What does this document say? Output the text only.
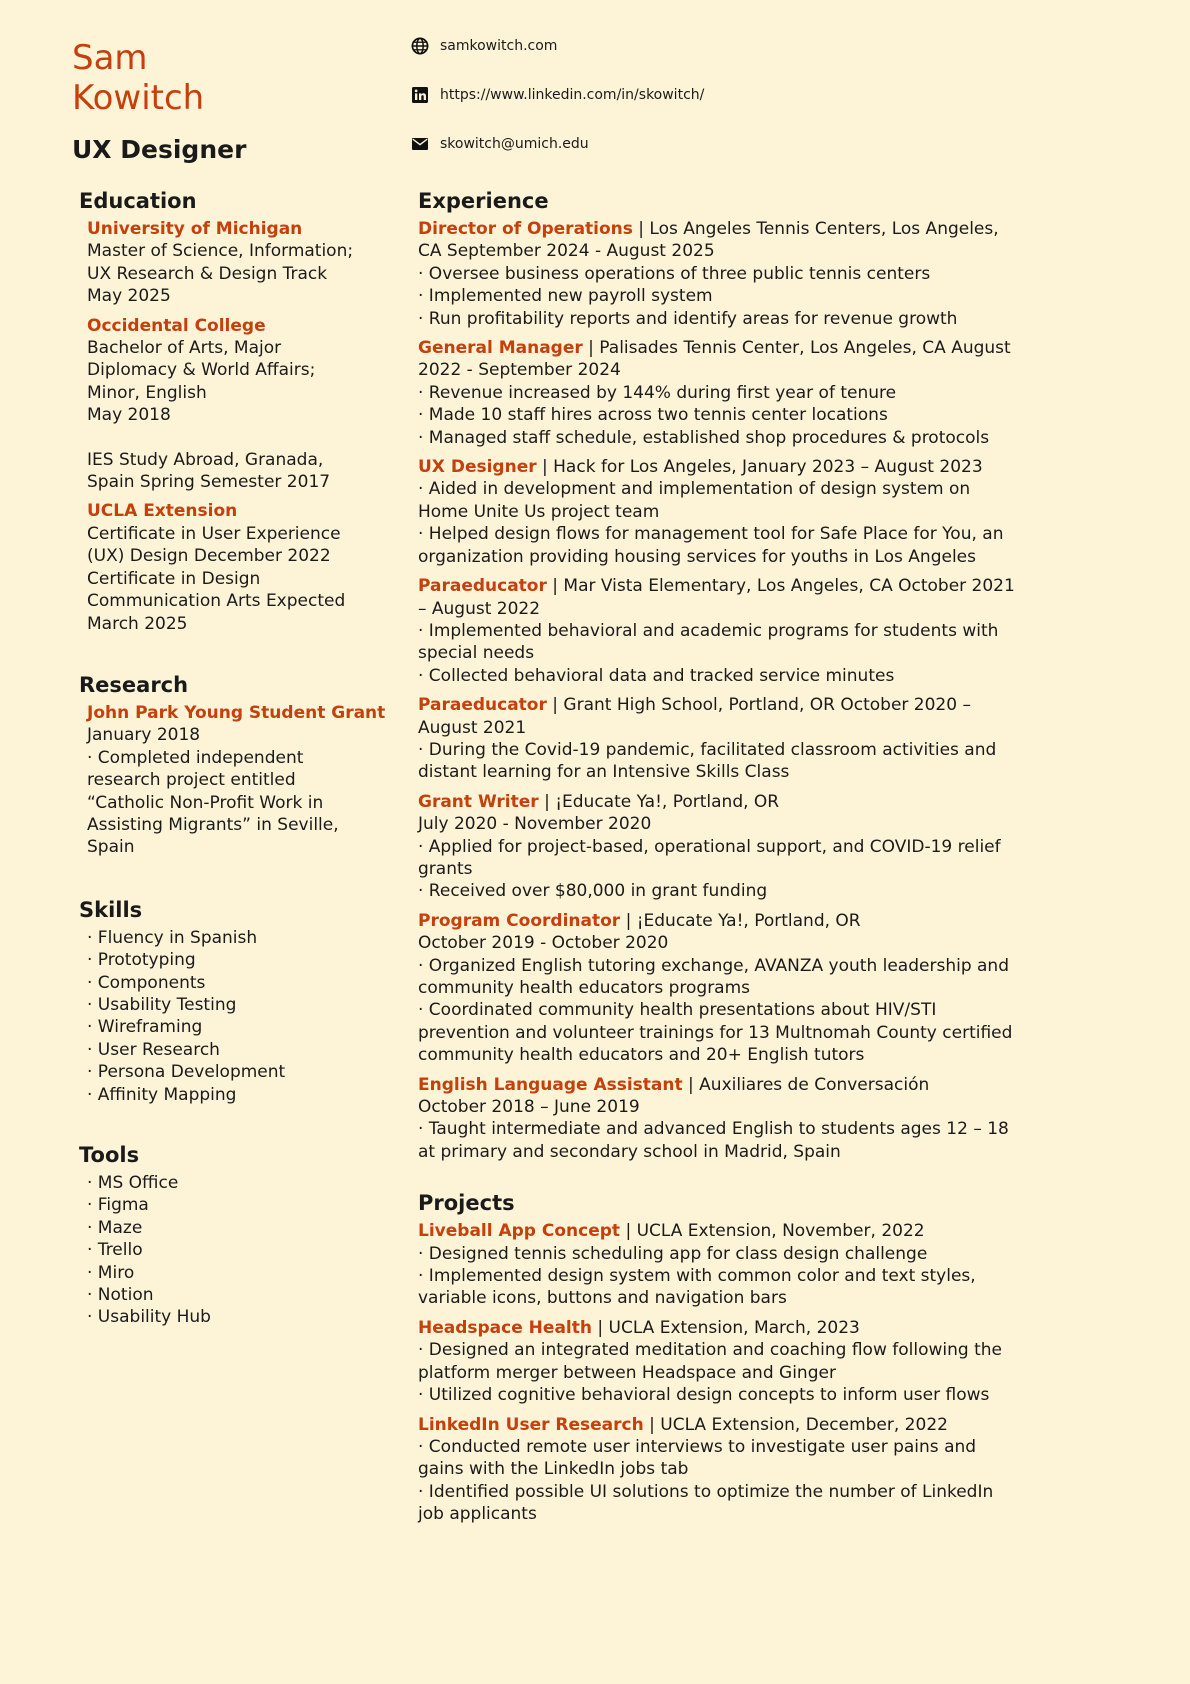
Sam
Kowitch
UX Designer
samkowitch.com
https://www.linkedin.com/in/skowitch/
skowitch@umich.edu
Education
University of Michigan
Master of Science, Information;
UX Research & Design Track
May 2025
Occidental College
Bachelor of Arts, Major
Diplomacy & World Affairs;
Minor, English
May 2018
IES Study Abroad, Granada,
Spain Spring Semester 2017
UCLA Extension
Certificate in User Experience
(UX) Design December 2022
Certificate in Design
Communication Arts Expected
March 2025
Research
John Park Young Student Grant
January 2018
· Completed independent
research project entitled
“Catholic Non-Profit Work in
Assisting Migrants” in Seville,
Spain
Skills
· Fluency in Spanish
· Prototyping
· Components
· Usability Testing
· Wireframing
· User Research
· Persona Development
· Affinity Mapping
Tools
· MS Office
· Figma
· Maze
· Trello
· Miro
· Notion
· Usability Hub
Experience
Director of Operations | Los Angeles Tennis Centers, Los Angeles,
CA September 2024 - August 2025
· Oversee business operations of three public tennis centers
· Implemented new payroll system
· Run profitability reports and identify areas for revenue growth
General Manager | Palisades Tennis Center, Los Angeles, CA August
2022 - September 2024
· Revenue increased by 144% during first year of tenure
· Made 10 staff hires across two tennis center locations
· Managed staff schedule, established shop procedures & protocols
UX Designer | Hack for Los Angeles, January 2023 – August 2023
· Aided in development and implementation of design system on
Home Unite Us project team
· Helped design flows for management tool for Safe Place for You, an
organization providing housing services for youths in Los Angeles
Paraeducator | Mar Vista Elementary, Los Angeles, CA October 2021
– August 2022
· Implemented behavioral and academic programs for students with
special needs
· Collected behavioral data and tracked service minutes
Paraeducator | Grant High School, Portland, OR October 2020 –
August 2021
· During the Covid-19 pandemic, facilitated classroom activities and
distant learning for an Intensive Skills Class
Grant Writer | ¡Educate Ya!, Portland, OR
July 2020 - November 2020
· Applied for project-based, operational support, and COVID-19 relief
grants
· Received over $80,000 in grant funding
Program Coordinator | ¡Educate Ya!, Portland, OR
October 2019 - October 2020
· Organized English tutoring exchange, AVANZA youth leadership and
community health educators programs
· Coordinated community health presentations about HIV/STI
prevention and volunteer trainings for 13 Multnomah County certified
community health educators and 20+ English tutors
English Language Assistant | Auxiliares de Conversación
October 2018 – June 2019
· Taught intermediate and advanced English to students ages 12 – 18
at primary and secondary school in Madrid, Spain
Projects
Liveball App Concept | UCLA Extension, November, 2022
· Designed tennis scheduling app for class design challenge
· Implemented design system with common color and text styles,
variable icons, buttons and navigation bars
Headspace Health | UCLA Extension, March, 2023
· Designed an integrated meditation and coaching flow following the
platform merger between Headspace and Ginger
· Utilized cognitive behavioral design concepts to inform user flows
LinkedIn User Research | UCLA Extension, December, 2022
· Conducted remote user interviews to investigate user pains and
gains with the LinkedIn jobs tab
· Identified possible UI solutions to optimize the number of LinkedIn
job applicants
